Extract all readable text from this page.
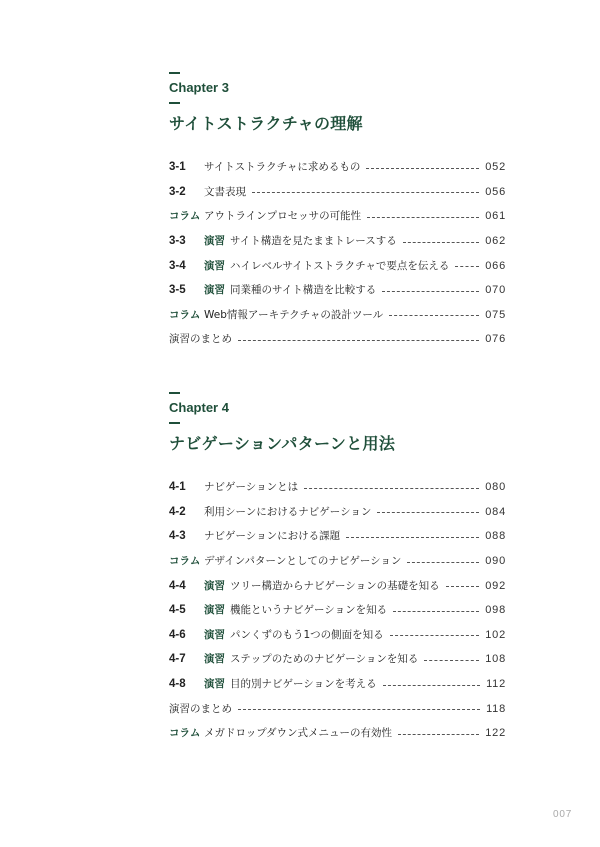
Chapter 3
サイトストラクチャの理解
3-1	サイトストラクチャに求めるもの	052
3-2	文書表現	056
コラム アウトラインプロセッサの可能性	061
3-3	演習 サイト構造を見たままトレースする	062
3-4	演習 ハイレベルサイトストラクチャで要点を伝える	066
3-5	演習 同業種のサイト構造を比較する	070
コラム Web情報アーキテクチャの設計ツール	075
演習のまとめ	076
Chapter 4
ナビゲーションパターンと用法
4-1	ナビゲーションとは	080
4-2	利用シーンにおけるナビゲーション	084
4-3	ナビゲーションにおける課題	088
コラム デザインパターンとしてのナビゲーション	090
4-4	演習 ツリー構造からナビゲーションの基礎を知る	092
4-5	演習 機能というナビゲーションを知る	098
4-6	演習 パンくずのもう1つの側面を知る	102
4-7	演習 ステップのためのナビゲーションを知る	108
4-8	演習 目的別ナビゲーションを考える	112
演習のまとめ	118
コラム メガドロップダウン式メニューの有効性	122
007
